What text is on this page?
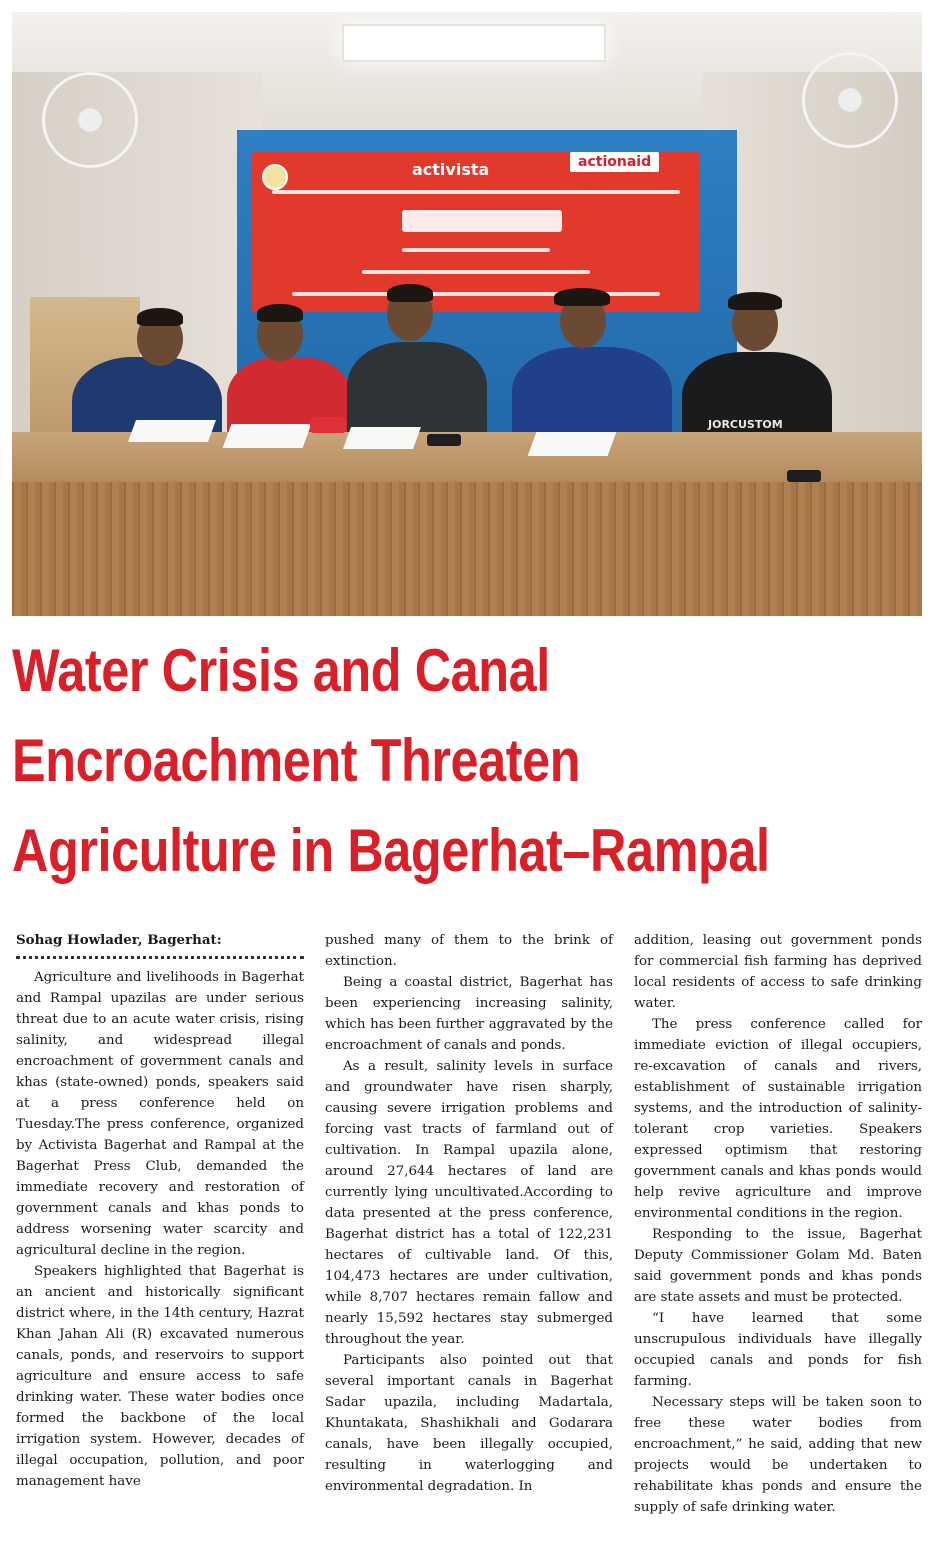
activista	actionaid
JORCUSTOM
Water Crisis and Canal
Encroachment Threaten
Agriculture in Bagerhat–Rampal
Sohag Howlader, Bagerhat:

Agriculture and livelihoods in Bagerhat and Rampal upazilas are under serious threat due to an acute water crisis, rising salinity, and widespread illegal encroachment of government canals and khas (state-owned) ponds, speakers said at a press conference held on Tuesday.The press conference, organized by Activista Bagerhat and Rampal at the Bagerhat Press Club, demanded the immediate recovery and restoration of government canals and khas ponds to address worsening water scarcity and agricultural decline in the region.

Speakers highlighted that Bagerhat is an ancient and historically significant district where, in the 14th century, Hazrat Khan Jahan Ali (R) excavated numerous canals, ponds, and reservoirs to support agriculture and ensure access to safe drinking water. These water bodies once formed the backbone of the local irrigation system. However, decades of illegal occupation, pollution, and poor management have

pushed many of them to the brink of extinction.

Being a coastal district, Bagerhat has been experiencing increasing salinity, which has been further aggravated by the encroachment of canals and ponds.

As a result, salinity levels in surface and groundwater have risen sharply, causing severe irrigation problems and forcing vast tracts of farmland out of cultivation. In Rampal upazila alone, around 27,644 hectares of land are currently lying uncultivated.According to data presented at the press conference, Bagerhat district has a total of 122,231 hectares of cultivable land. Of this, 104,473 hectares are under cultivation, while 8,707 hectares remain fallow and nearly 15,592 hectares stay submerged throughout the year.

Participants also pointed out that several important canals in Bagerhat Sadar upazila, including Madartala, Khuntakata, Shashikhali and Godarara canals, have been illegally occupied, resulting in waterlogging and environmental degradation. In

addition, leasing out government ponds for commercial fish farming has deprived local residents of access to safe drinking water.

The press conference called for immediate eviction of illegal occupiers, re-excavation of canals and rivers, establishment of sustainable irrigation systems, and the introduction of salinity-tolerant crop varieties. Speakers expressed optimism that restoring government canals and khas ponds would help revive agriculture and improve environmental conditions in the region.

Responding to the issue, Bagerhat Deputy Commissioner Golam Md. Baten said government ponds and khas ponds are state assets and must be protected.

“I have learned that some unscrupulous individuals have illegally occupied canals and ponds for fish farming.

Necessary steps will be taken soon to free these water bodies from encroachment,” he said, adding that new projects would be undertaken to rehabilitate khas ponds and ensure the supply of safe drinking water.
